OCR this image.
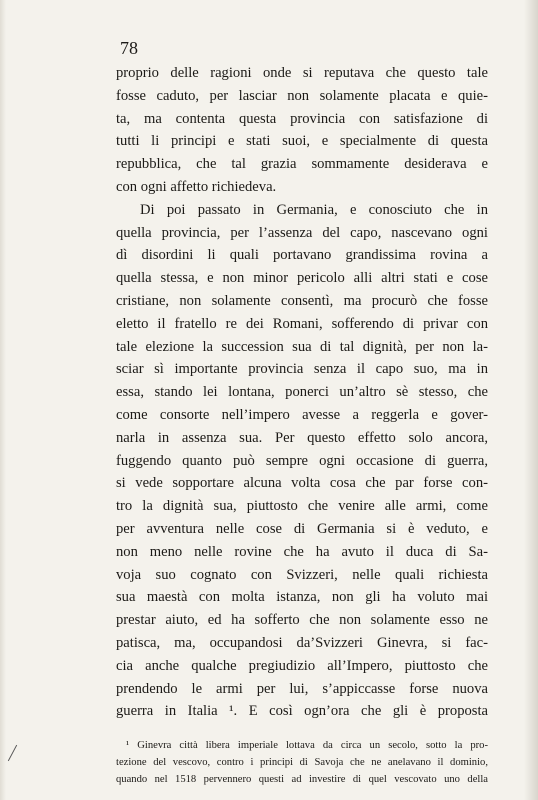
78
proprio delle ragioni onde si reputava che questo tale
fosse caduto, per lasciar non solamente placata e quie-
ta, ma contenta questa provincia con satisfazione di
tutti li principi e stati suoi, e specialmente di questa
repubblica, che tal grazia sommamente desiderava e
con ogni affetto richiedeva.
Di poi passato in Germania, e conosciuto che in
quella provincia, per l’assenza del capo, nascevano ogni
dì disordini li quali portavano grandissima rovina a
quella stessa, e non minor pericolo alli altri stati e cose
cristiane, non solamente consentì, ma procurò che fosse
eletto il fratello re dei Romani, sofferendo di privar con
tale elezione la succession sua di tal dignità, per non la-
sciar sì importante provincia senza il capo suo, ma in
essa, stando lei lontana, ponerci un’altro sè stesso, che
come consorte nell’impero avesse a reggerla e gover-
narla in assenza sua. Per questo effetto solo ancora,
fuggendo quanto può sempre ogni occasione di guerra,
si vede sopportare alcuna volta cosa che par forse con-
tro la dignità sua, piuttosto che venire alle armi, come
per avventura nelle cose di Germania si è veduto, e
non meno nelle rovine che ha avuto il duca di Sa-
voja suo cognato con Svizzeri, nelle quali richiesta
sua maestà con molta istanza, non gli ha voluto mai
prestar aiuto, ed ha sofferto che non solamente esso ne
patisca, ma, occupandosi da’Svizzeri Ginevra, si fac-
cia anche qualche pregiudizio all’Impero, piuttosto che
prendendo le armi per lui, s’appiccasse forse nuova
guerra in Italia ¹. E così ogn’ora che gli è proposta
¹ Ginevra città libera imperiale lottava da circa un secolo, sotto la pro-
tezione del vescovo, contro i principi di Savoja che ne anelavano il dominio,
quando nel 1518 pervennero questi ad investire di quel vescovato uno della
